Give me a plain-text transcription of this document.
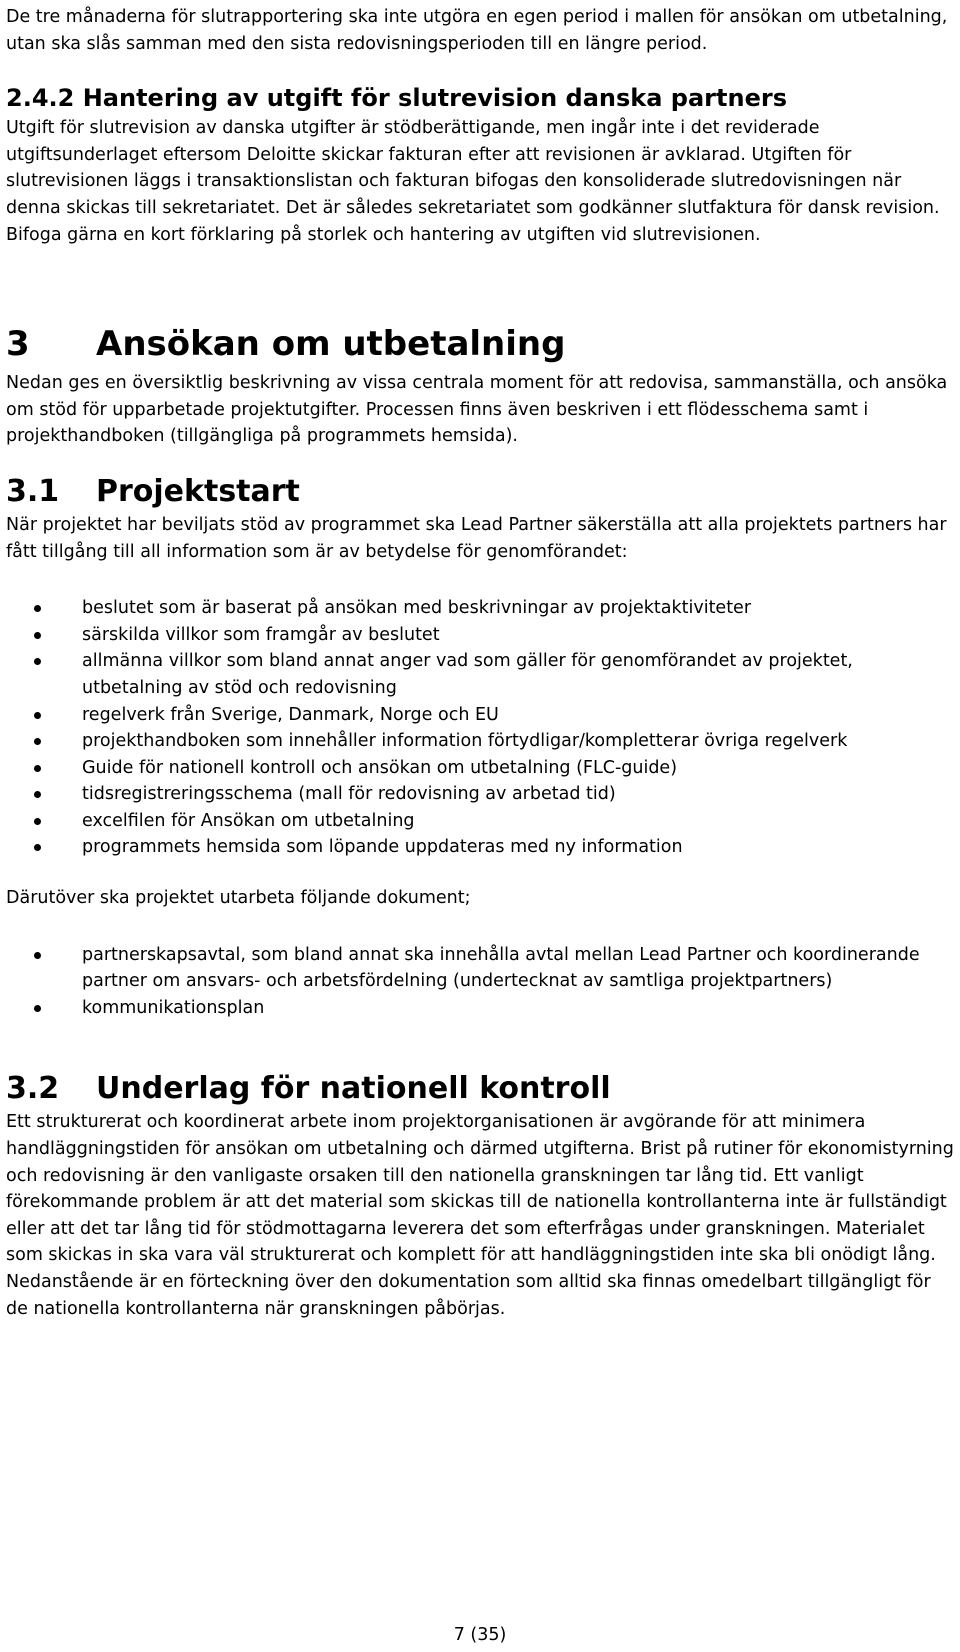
De tre månaderna för slutrapportering ska inte utgöra en egen period i mallen för ansökan om utbetalning, utan ska slås samman med den sista redovisningsperioden till en längre period.

2.4.2 Hantering av utgift för slutrevision danska partners

Utgift för slutrevision av danska utgifter är stödberättigande, men ingår inte i det reviderade utgiftsunderlaget eftersom Deloitte skickar fakturan efter att revisionen är avklarad. Utgiften för slutrevisionen läggs i transaktionslistan och fakturan bifogas den konsoliderade slutredovisningen när denna skickas till sekretariatet. Det är således sekretariatet som godkänner slutfaktura för dansk revision. Bifoga gärna en kort förklaring på storlek och hantering av utgiften vid slutrevisionen.

3 Ansökan om utbetalning

Nedan ges en översiktlig beskrivning av vissa centrala moment för att redovisa, sammanställa, och ansöka om stöd för upparbetade projektutgifter. Processen finns även beskriven i ett flödesschema samt i projekthandboken (tillgängliga på programmets hemsida).

3.1 Projektstart

När projektet har beviljats stöd av programmet ska Lead Partner säkerställa att alla projektets partners har fått tillgång till all information som är av betydelse för genomförandet:

beslutet som är baserat på ansökan med beskrivningar av projektaktiviteter
särskilda villkor som framgår av beslutet
allmänna villkor som bland annat anger vad som gäller för genomförandet av projektet, utbetalning av stöd och redovisning
regelverk från Sverige, Danmark, Norge och EU
projekthandboken som innehåller information förtydligar/kompletterar övriga regelverk
Guide för nationell kontroll och ansökan om utbetalning (FLC-guide)
tidsregistreringsschema (mall för redovisning av arbetad tid)
excelfilen för Ansökan om utbetalning
programmets hemsida som löpande uppdateras med ny information

Därutöver ska projektet utarbeta följande dokument;

partnerskapsavtal, som bland annat ska innehålla avtal mellan Lead Partner och koordinerande partner om ansvars- och arbetsfördelning (undertecknat av samtliga projektpartners)
kommunikationsplan
3.2 Underlag för nationell kontroll

Ett strukturerat och koordinerat arbete inom projektorganisationen är avgörande för att minimera handläggningstiden för ansökan om utbetalning och därmed utgifterna. Brist på rutiner för ekonomistyrning och redovisning är den vanligaste orsaken till den nationella granskningen tar lång tid. Ett vanligt förekommande problem är att det material som skickas till de nationella kontrollanterna inte är fullständigt eller att det tar lång tid för stödmottagarna leverera det som efterfrågas under granskningen. Materialet som skickas in ska vara väl strukturerat och komplett för att handläggningstiden inte ska bli onödigt lång. Nedanstående är en förteckning över den dokumentation som alltid ska finnas omedelbart tillgängligt för de nationella kontrollanterna när granskningen påbörjas.

7 (35)
